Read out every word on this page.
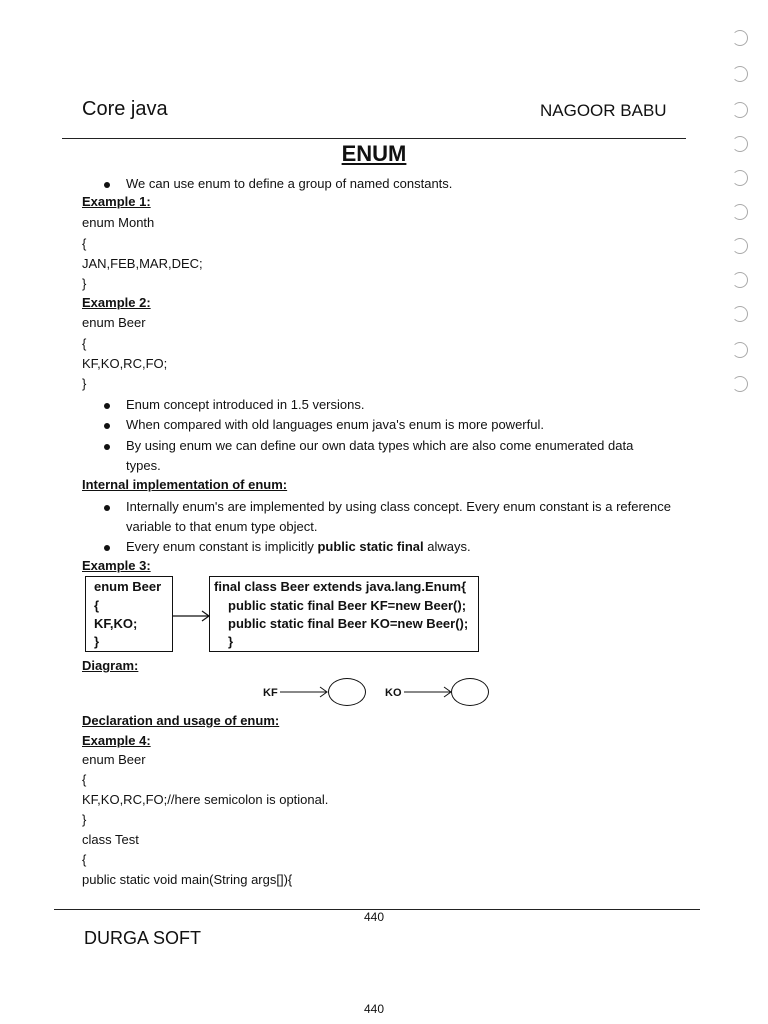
Core java	NAGOOR BABU
ENUM
We can use enum to define a group of named constants.
Example 1:
enum Month
{
JAN,FEB,MAR,DEC;
}
Example 2:
enum Beer
{
KF,KO,RC,FO;
}
Enum concept introduced in 1.5 versions.
When compared with old languages enum java's enum is more powerful.
By using enum we can define our own data types which are also come enumerated data types.
Internal implementation of enum:
Internally enum's are implemented by using class concept. Every enum constant is a reference variable to that enum type object.
Every enum constant is implicitly public static final always.
Example 3:
enum Beer
{
KF,KO;
}
final class Beer extends java.lang.Enum{
public static final Beer KF=new Beer();
public static final Beer KO=new Beer();
}
Diagram:
KF	KO
Declaration and usage of enum:
Example 4:
enum Beer
{
KF,KO,RC,FO;//here semicolon is optional.
}
class Test
{
public static void main(String args[]){
440
DURGA SOFT
440
